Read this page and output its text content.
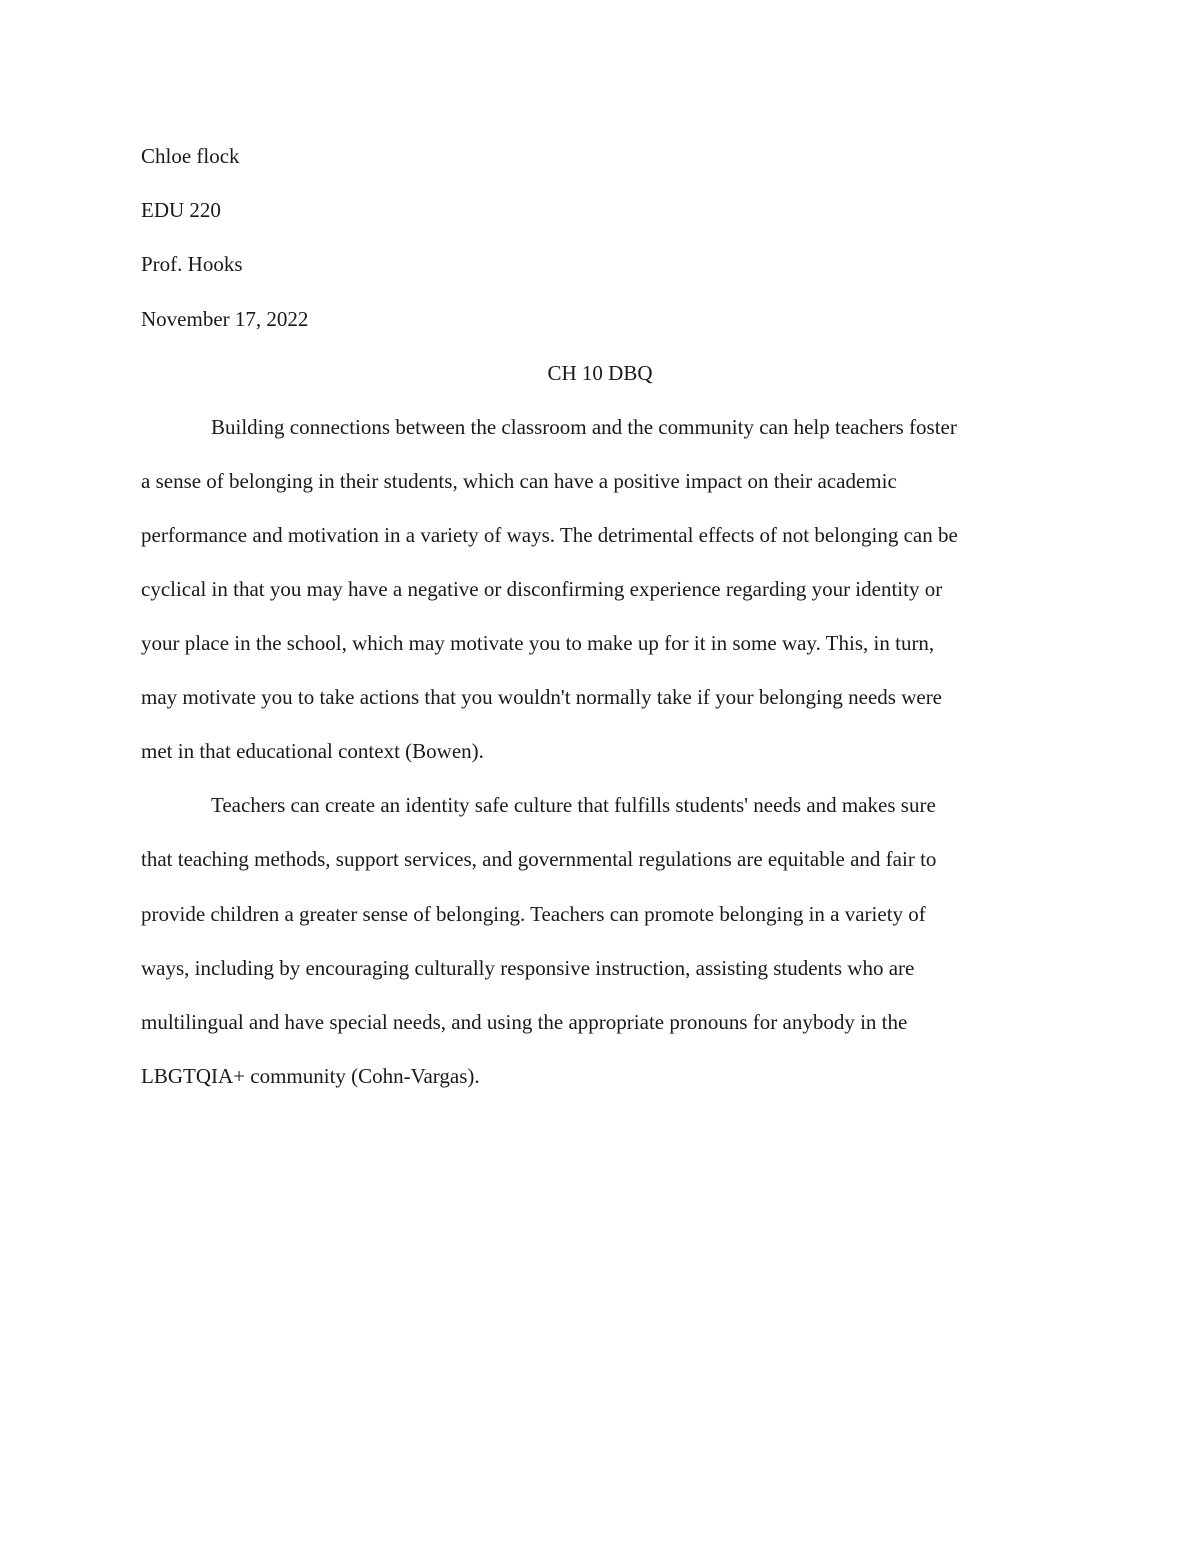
Chloe flock
EDU 220
Prof. Hooks
November 17, 2022
CH 10 DBQ
Building connections between the classroom and the community can help teachers foster
a sense of belonging in their students, which can have a positive impact on their academic
performance and motivation in a variety of ways. The detrimental effects of not belonging can be
cyclical in that you may have a negative or disconfirming experience regarding your identity or
your place in the school, which may motivate you to make up for it in some way. This, in turn,
may motivate you to take actions that you wouldn't normally take if your belonging needs were
met in that educational context (Bowen).
Teachers can create an identity safe culture that fulfills students' needs and makes sure
that teaching methods, support services, and governmental regulations are equitable and fair to
provide children a greater sense of belonging. Teachers can promote belonging in a variety of
ways, including by encouraging culturally responsive instruction, assisting students who are
multilingual and have special needs, and using the appropriate pronouns for anybody in the
LBGTQIA+ community (Cohn-Vargas).
